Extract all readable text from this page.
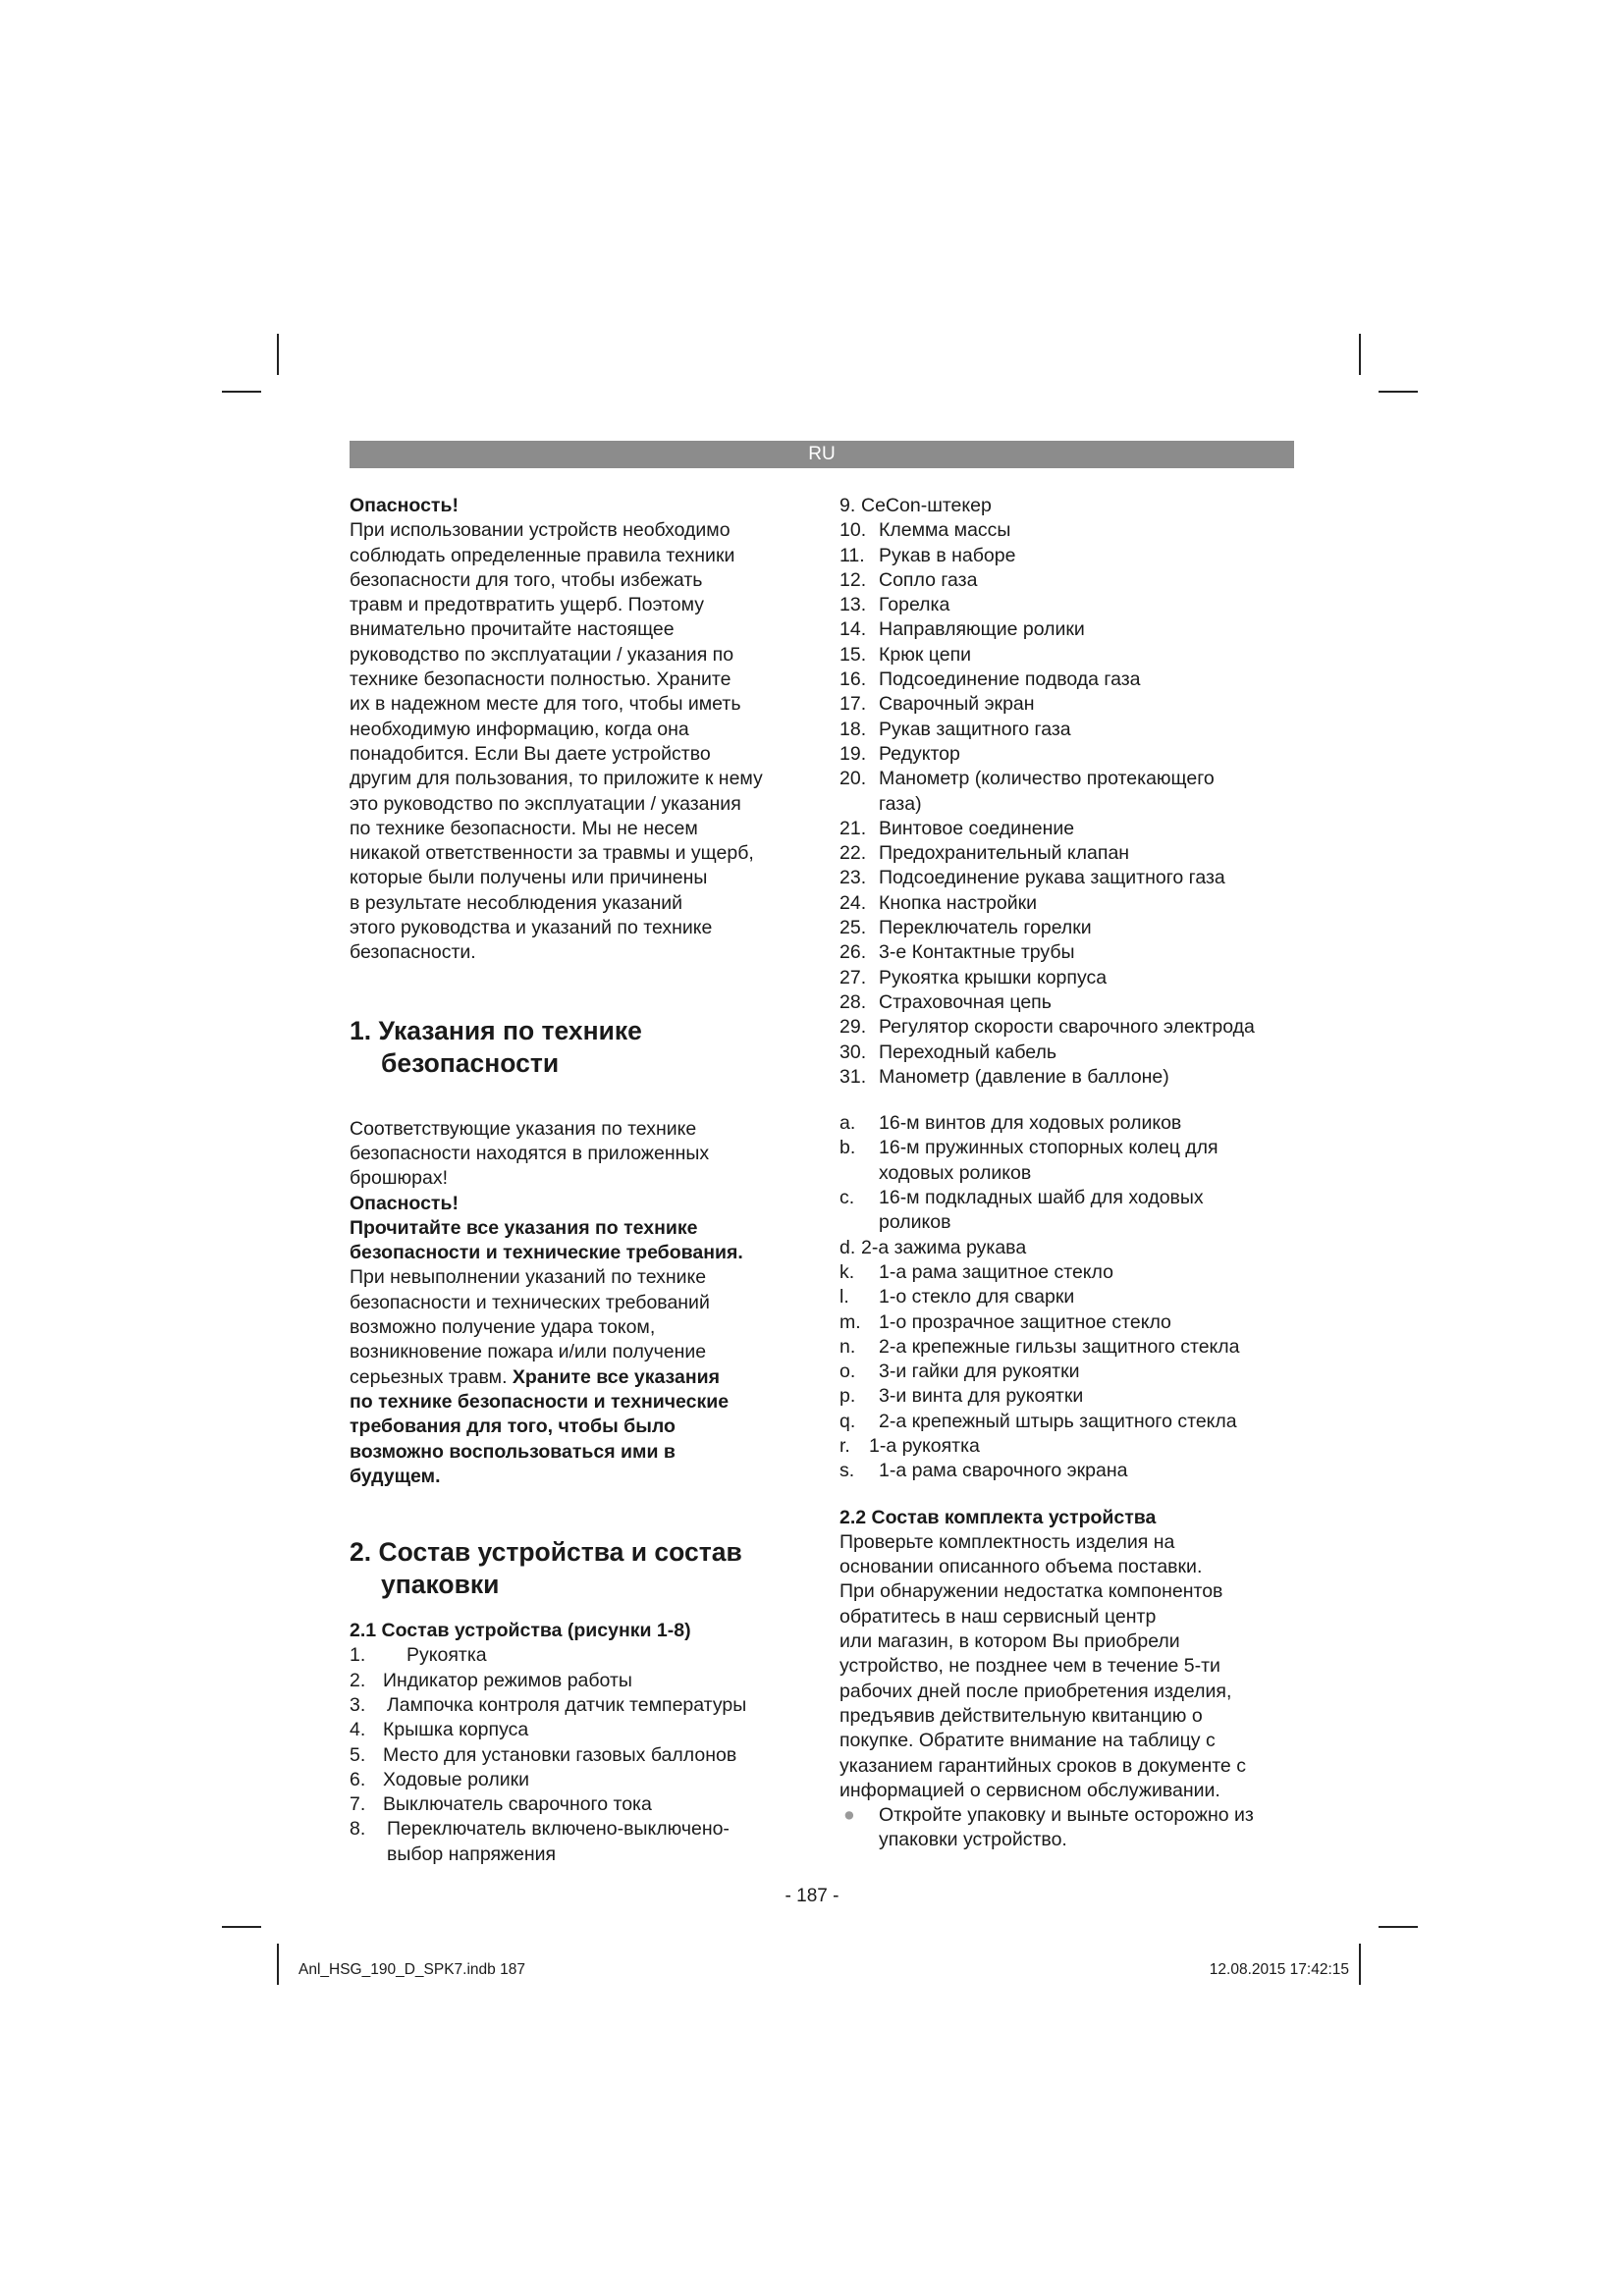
RU
Опасность!
При использовании устройств необходимо
соблюдать определенные правила техники
безопасности для того, чтобы избежать
травм и предотвратить ущерб. Поэтому
внимательно прочитайте настоящее
руководство по эксплуатации / указания по
технике безопасности полностью. Храните
их в надежном месте для того, чтобы иметь
необходимую информацию, когда она
понадобится. Если Вы даете устройство
другим для пользования, то приложите к нему
это руководство по эксплуатации / указания
по технике безопасности. Мы не несем
никакой ответственности за травмы и ущерб,
которые были получены или причинены
в результате несоблюдения указаний
этого руководства и указаний по технике
безопасности.
1. Указания по технике безопасности
Соответствующие указания по технике
безопасности находятся в приложенных
брошюрах!
Опасность!
Прочитайте все указания по технике
безопасности и технические требования.
При невыполнении указаний по технике
безопасности и технических требований
возможно получение удара током,
возникновение пожара и/или получение
серьезных травм. Храните все указания
по технике безопасности и технические
требования для того, чтобы было
возможно воспользоваться ими в
будущем.
2. Состав устройства и состав упаковки
2.1 Состав устройства (рисунки 1-8)
1. Рукоятка
2. Индикатор режимов работы
3. Лампочка контроля датчик температуры
4. Крышка корпуса
5. Место для установки газовых баллонов
6. Ходовые ролики
7. Выключатель сварочного тока
8. Переключатель включено-выключено-
выбор напряжения
9. CeCon-штекер
10. Клемма массы
11. Рукав в наборе
12. Сопло газа
13. Горелка
14. Направляющие ролики
15. Крюк цепи
16. Подсоединение подвода газа
17. Сварочный экран
18. Рукав защитного газа
19. Редуктор
20. Манометр (количество протекающего
газа)
21. Винтовое соединение
22. Предохранительный клапан
23. Подсоединение рукава защитного газа
24. Кнопка настройки
25. Переключатель горелки
26. 3-е Контактные трубы
27. Рукоятка крышки корпуса
28. Страховочная цепь
29. Регулятор скорости сварочного электрода
30. Переходный кабель
31. Манометр (давление в баллоне)
a. 16-м винтов для ходовых роликов
b. 16-м пружинных стопорных колец для
ходовых роликов
c. 16-м подкладных шайб для ходовых
роликов
d. 2-а зажима рукава
k. 1-а рама защитное стекло
l. 1-о стекло для сварки
m. 1-о прозрачное защитное стекло
n. 2-а крепежные гильзы защитного стекла
o. 3-и гайки для рукоятки
p. 3-и винта для рукоятки
q. 2-а крепежный штырь защитного стекла
r. 1-а рукоятка
s. 1-а рама сварочного экрана
2.2 Состав комплекта устройства
Проверьте комплектность изделия на
основании описанного объема поставки.
При обнаружении недостатка компонентов
обратитесь в наш сервисный центр
или магазин, в котором Вы приобрели
устройство, не позднее чем в течение 5-ти
рабочих дней после приобретения изделия,
предъявив действительную квитанцию о
покупке. Обратите внимание на таблицу с
указанием гарантийных сроков в документе с
информацией о сервисном обслуживании.
● Откройте упаковку и выньте осторожно из
упаковки устройство.
- 187 -
Anl_HSG_190_D_SPK7.indb 187	12.08.2015 17:42:15
